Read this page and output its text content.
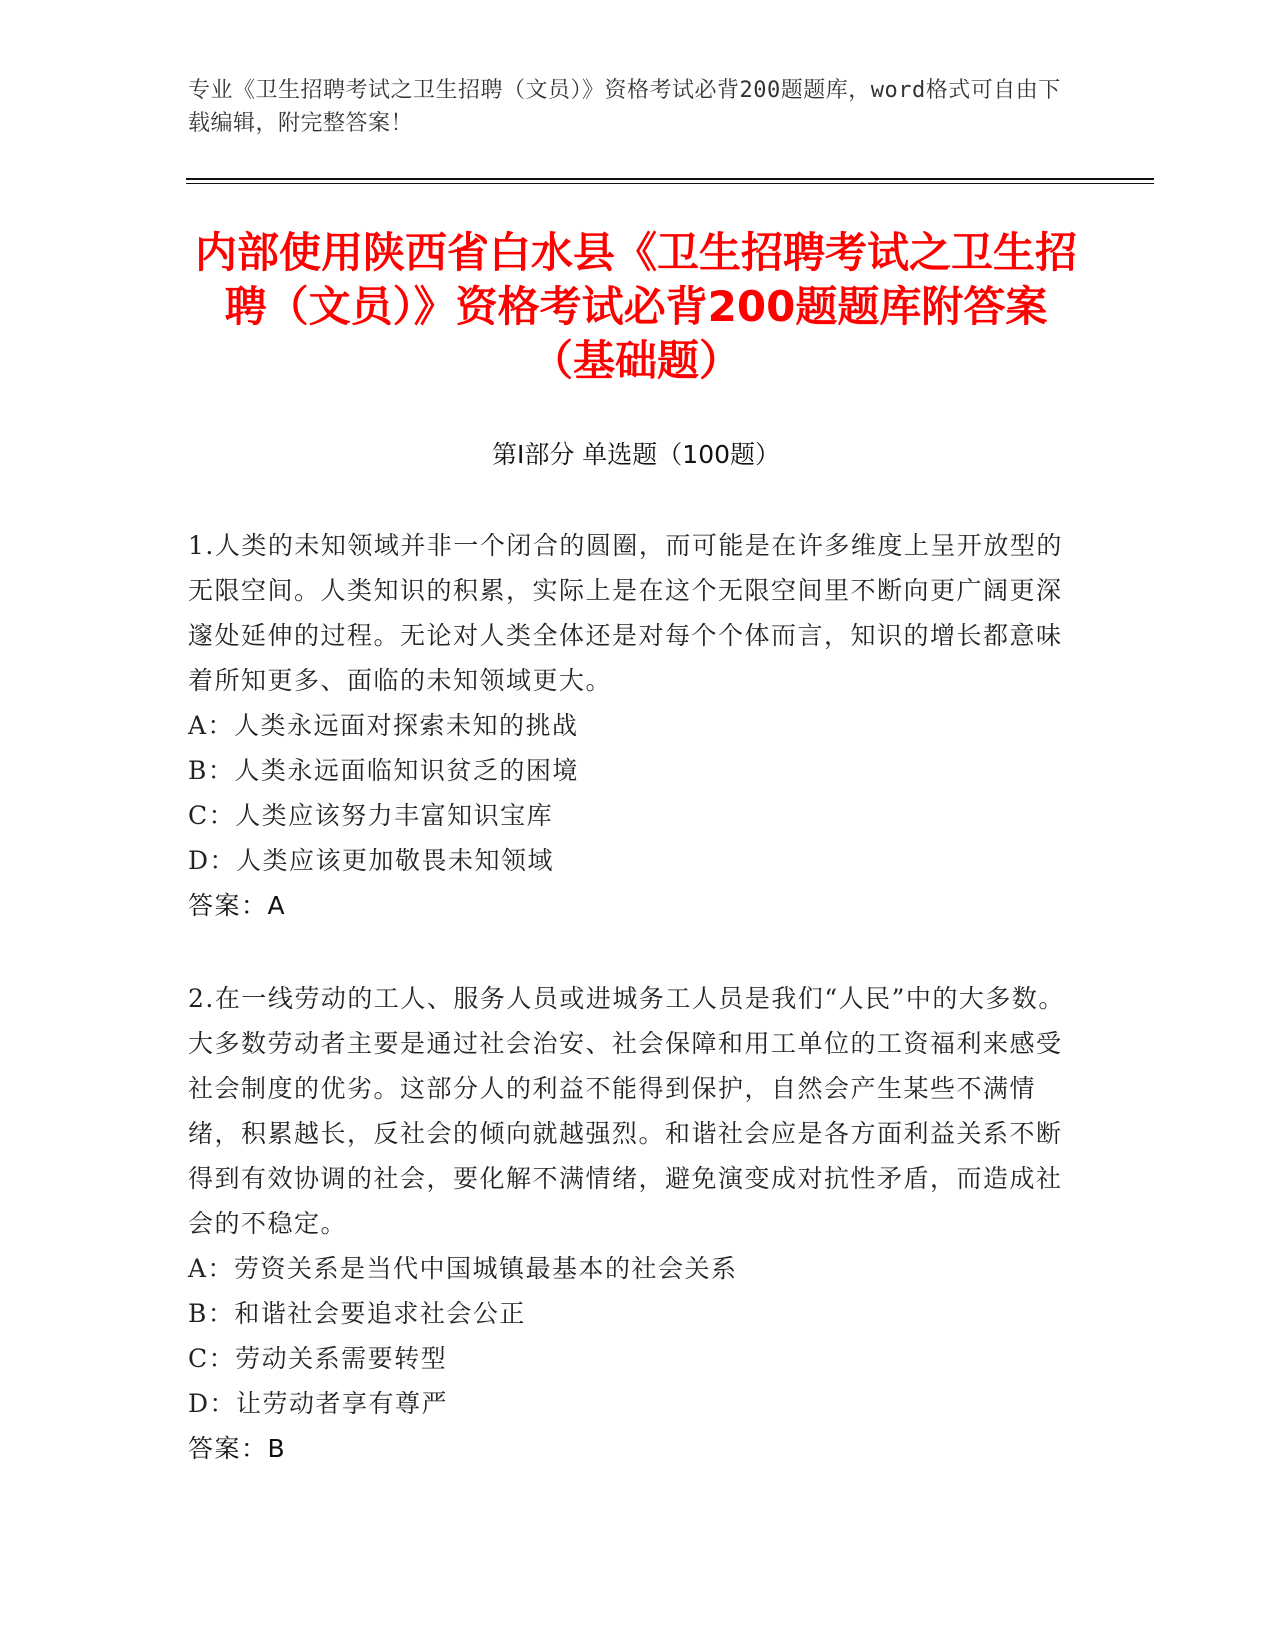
专业《卫生招聘考试之卫生招聘（文员）》资格考试必背200题题库，word格式可自由下载编辑，附完整答案！
内部使用陕西省白水县《卫生招聘考试之卫生招聘（文员）》资格考试必背200题题库附答案（基础题）
第Ⅰ部分 单选题（100题）
1.人类的未知领域并非一个闭合的圆圈，而可能是在许多维度上呈开放型的无限空间。人类知识的积累，实际上是在这个无限空间里不断向更广阔更深邃处延伸的过程。无论对人类全体还是对每个个体而言，知识的增长都意味着所知更多、面临的未知领域更大。
A：人类永远面对探索未知的挑战
B：人类永远面临知识贫乏的困境
C：人类应该努力丰富知识宝库
D：人类应该更加敬畏未知领域
答案：A
2.在一线劳动的工人、服务人员或进城务工人员是我们“人民”中的大多数。大多数劳动者主要是通过社会治安、社会保障和用工单位的工资福利来感受社会制度的优劣。这部分人的利益不能得到保护，自然会产生某些不满情绪，积累越长，反社会的倾向就越强烈。和谐社会应是各方面利益关系不断得到有效协调的社会，要化解不满情绪，避免演变成对抗性矛盾，而造成社会的不稳定。
A：劳资关系是当代中国城镇最基本的社会关系
B：和谐社会要追求社会公正
C：劳动关系需要转型
D：让劳动者享有尊严
答案：B
